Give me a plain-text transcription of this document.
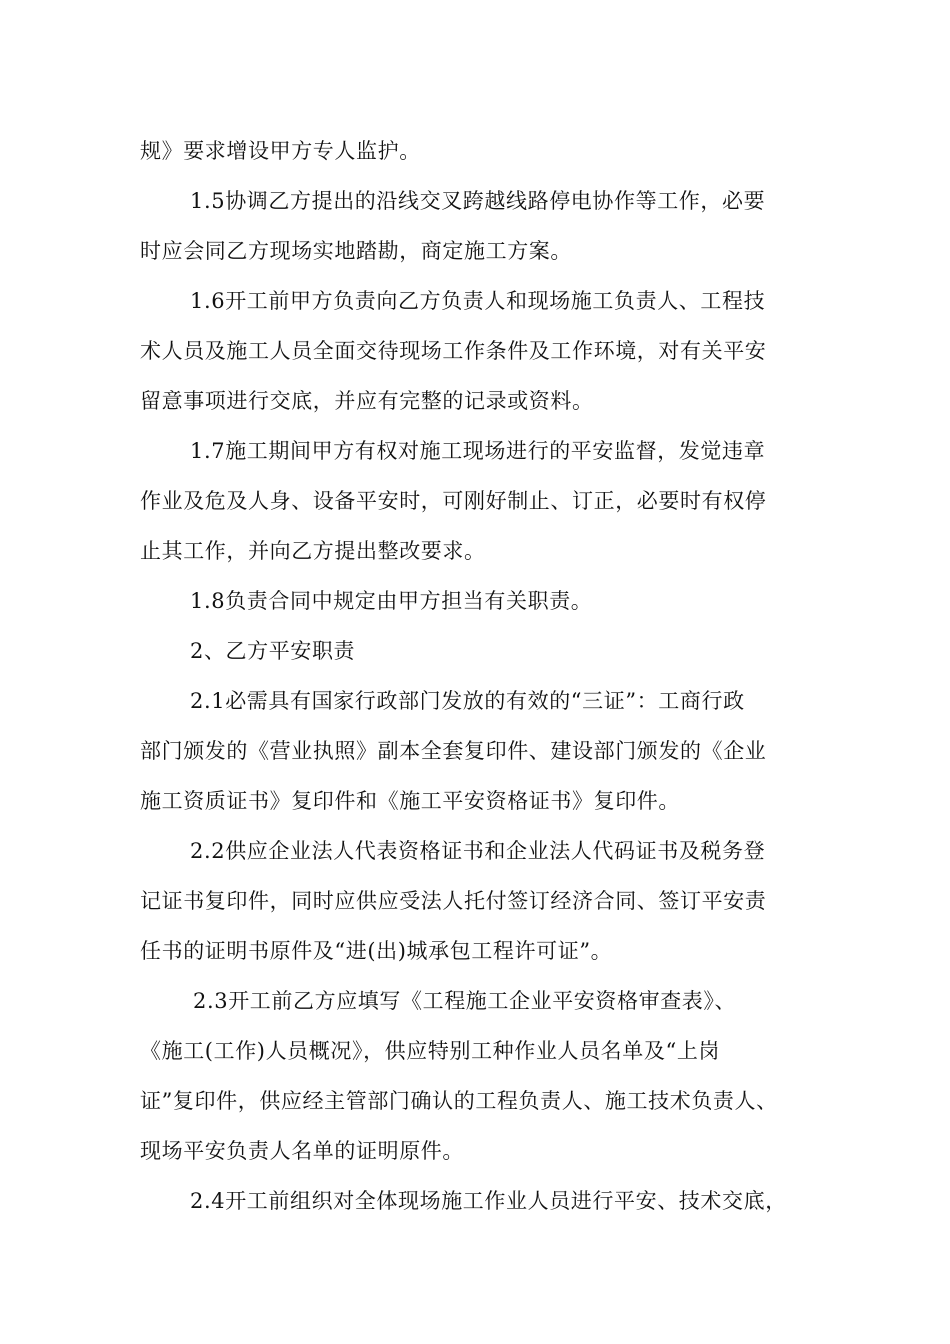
规》要求增设甲方专人监护。
1.5协调乙方提出的沿线交叉跨越线路停电协作等工作，必要
时应会同乙方现场实地踏勘，商定施工方案。
1.6开工前甲方负责向乙方负责人和现场施工负责人、工程技
术人员及施工人员全面交待现场工作条件及工作环境，对有关平安
留意事项进行交底，并应有完整的记录或资料。
1.7施工期间甲方有权对施工现场进行的平安监督，发觉违章
作业及危及人身、设备平安时，可刚好制止、订正，必要时有权停
止其工作，并向乙方提出整改要求。
1.8负责合同中规定由甲方担当有关职责。
2、乙方平安职责
2.1必需具有国家行政部门发放的有效的“三证”：工商行政
部门颁发的《营业执照》副本全套复印件、建设部门颁发的《企业
施工资质证书》复印件和《施工平安资格证书》复印件。
2.2供应企业法人代表资格证书和企业法人代码证书及税务登
记证书复印件，同时应供应受法人托付签订经济合同、签订平安责
任书的证明书原件及“进(出)城承包工程许可证”。
2.3开工前乙方应填写《工程施工企业平安资格审查表》、
《施工(工作)人员概况》，供应特别工种作业人员名单及“上岗
证”复印件，供应经主管部门确认的工程负责人、施工技术负责人、
现场平安负责人名单的证明原件。
2.4开工前组织对全体现场施工作业人员进行平安、技术交底，
